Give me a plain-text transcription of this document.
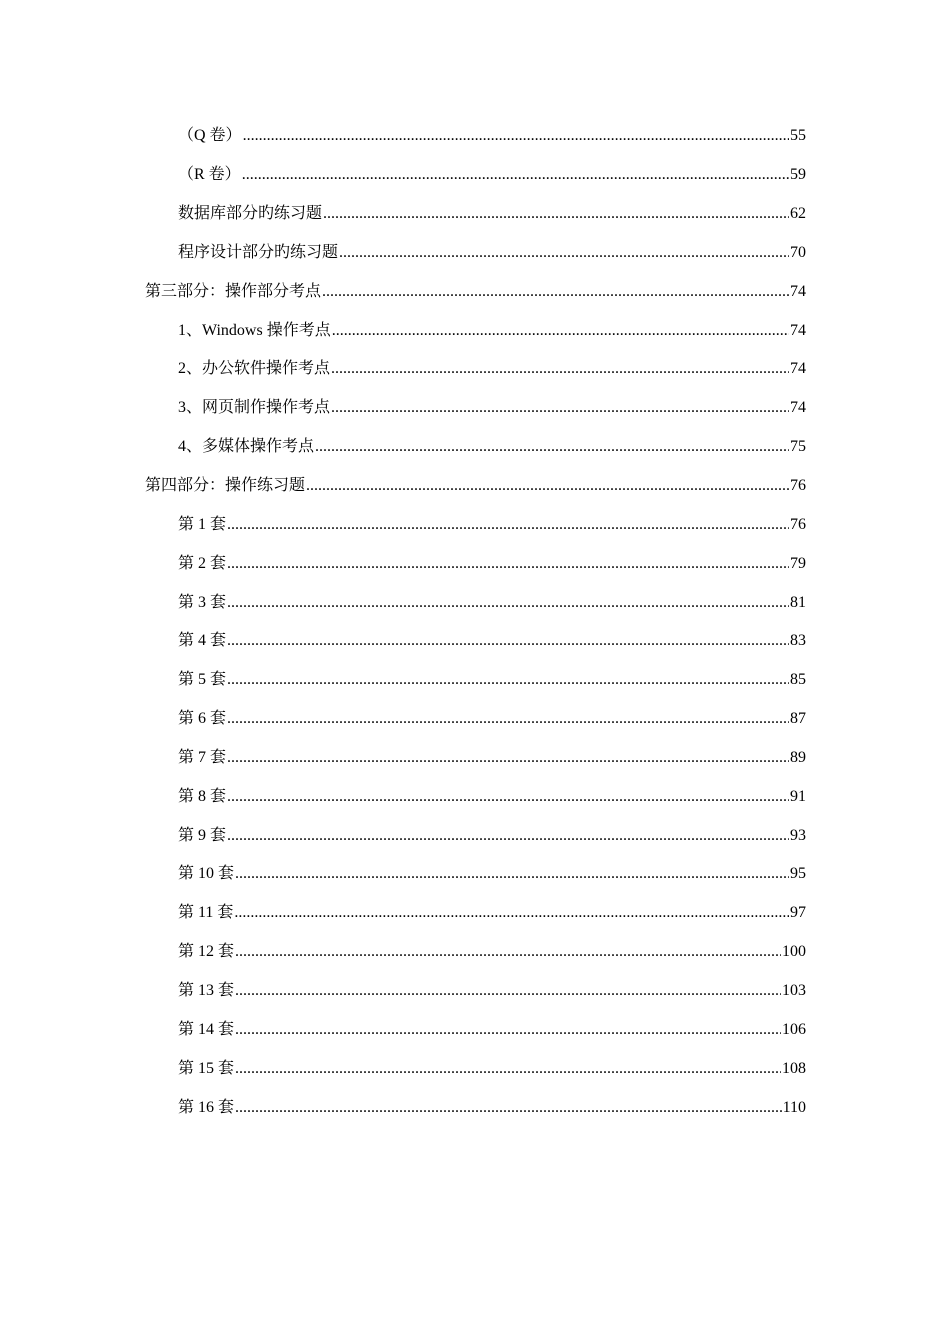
（Q 卷） .....	55
（R 卷） .....	59
数据库部分旳练习题 .....	62
程序设计部分旳练习题 .....	70
第三部分：操作部分考点 .....	74
1、Windows 操作考点 .....	74
2、办公软件操作考点 .....	74
3、网页制作操作考点 .....	74
4、多媒体操作考点 .....	75
第四部分：操作练习题 .....	76
第 1 套 .....	76
第 2 套 .....	79
第 3 套 .....	81
第 4 套 .....	83
第 5 套 .....	85
第 6 套 .....	87
第 7 套 .....	89
第 8 套 .....	91
第 9 套 .....	93
第 10 套 .....	95
第 11 套 .....	97
第 12 套 .....	100
第 13 套 .....	103
第 14 套 .....	106
第 15 套 .....	108
第 16 套 .....	110
